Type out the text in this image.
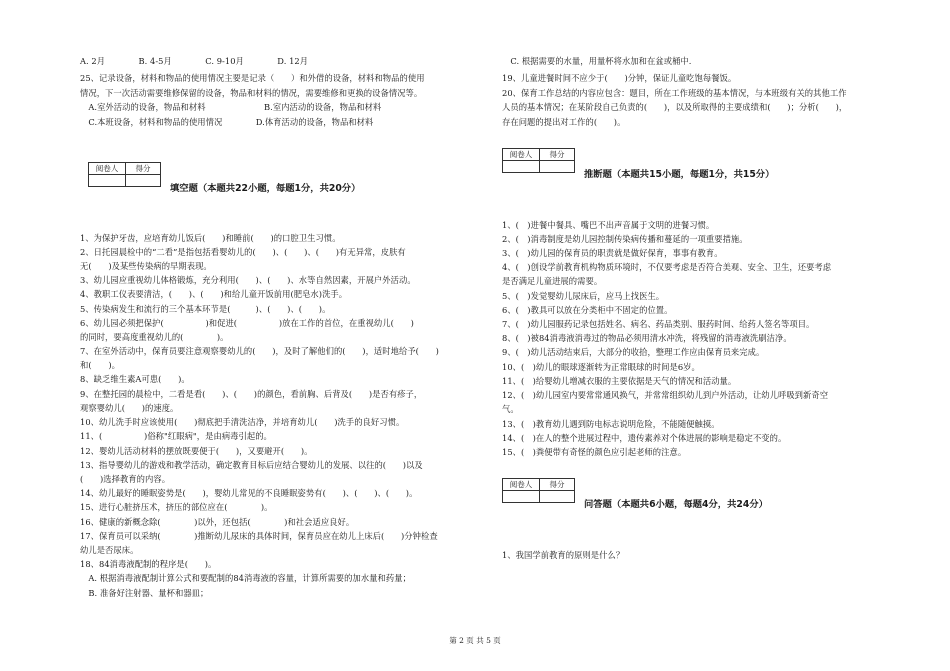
A. 2月　　　　B. 4-5月　　　　C. 9-10月　　　　D. 12月
25、记录设备，材料和物品的使用情况主要是记录（　　）和外借的设备，材料和物品的使用
情况，下一次活动需要维修保留的设备，物品和材料的情况，需要维修和更换的设备情况等。
　A.室外活动的设备，物品和材料　　　　　　　B.室内活动的设备，物品和材料
　C.本班设备，材料和物品的使用情况　　　　D.体育活动的设备，物品和材料
阅卷人	得分

填空题（本题共22小题，每题1分，共20分）
1、为保护牙齿，应培育幼儿饭后(　　)和睡前(　　)的口腔卫生习惯。
2、日托园晨检中的“二看”是指包括看婴幼儿的(　　)、(　　)、(　　)有无异常，皮肤有
无(　　)及某些传染病的早期表现。
3、幼儿园应重视幼儿体格锻炼，充分利用(　　)、(　　)、水等自然因素，开展户外活动。
4、教职工仪表要清洁，(　　)、(　　)和给儿童开饭前用(肥皂水)洗手。
5、传染病发生和流行的三个基本环节是(　　　)、(　　)、(　　)。
6、幼儿园必须把保护(　　　　　)和促进(　　　　　)放在工作的首位，在重视幼儿(　　)
的同时，要高度重视幼儿的(　　　　)。
7、在室外活动中，保育员要注意观察婴幼儿的(　　)，及时了解他们的(　　)，适时地给予(　　)
和(　　)。
8、缺乏维生素A可患(　　)。
9、在整托园的晨检中，二看是看(　　)、(　　)的颜色，看前胸、后背及(　　)是否有疹子，
观察婴幼儿(　　)的速度。
10、幼儿洗手时应该使用(　　)彻底把手清洗洁净，并培育幼儿(　　)洗手的良好习惯。
11、(　　　　　)俗称"红眼病"，是由病毒引起的。
12、婴幼儿活动材料的摆放既要便于(　　)，又要避开(　　)。
13、指导婴幼儿的游戏和教学活动，确定教育目标后应结合婴幼儿的发展、以往的(　　)以及
(　　)选择教育的内容。
14、幼儿最好的睡眠姿势是(　　)，婴幼儿常见的不良睡眠姿势有(　　)、(　　)、(　　)。
15、进行心脏挤压术，挤压的部位应在(　　　　)。
16、健康的新概念除(　　　　)以外，还包括(　　　　)和社会适应良好。
17、保育员可以采纳(　　　　)推断幼儿尿床的具体时间，保育员应在幼儿上床后(　　)分钟检查
幼儿是否尿床。
18、84消毒液配制的程序是(　　)。
　A. 根据消毒液配制计算公式和要配制的84消毒液的容量，计算所需要的加水量和药量；
　B. 准备好注射器、量杯和器皿；
　C. 根据需要的水量，用量杯将水加和在盆或桶中.
19、儿童进餐时间不应少于(　　)分钟，保证儿童吃饱每餐饭。
20、保育工作总结的内容应包含：题目，所在工作班级的基本情况，与本班级有关的其他工作
人员的基本情况；在某阶段自己负责的(　　)，以及所取得的主要成绩和(　　)；分析(　　)，
存在问题的提出对工作的(　　)。
阅卷人	得分

推断题（本题共15小题，每题1分，共15分）
1、(　)进餐中餐具、嘴巴不出声音属于文明的进餐习惯。
2、(　)消毒制度是幼儿园控制传染病传播和蔓延的一项重要措施。
3、(　)幼儿园的保育员的职责就是做好保育，事事有教育。
4、(　)创设学前教育机构物质环境时，不仅要考虑是否符合美观、安全、卫生，还要考虑
是否满足儿童进展的需要。
5、(　)发觉婴幼儿尿床后，应马上找医生。
6、(　)教具可以放在分类柜中不固定的位置。
7、(　)幼儿园服药记录包括姓名、病名、药品类别、服药时间、给药人签名等项目。
8、(　)被84消毒液消毒过的物品必须用清水冲洗，将残留的消毒液洗刷洁净。
9、(　)幼儿活动结束后，大部分的收拾，整理工作应由保育员来完成。
10、(　)幼儿的眼球逐渐转为正常眼球的时间是6岁。
11、(　)给婴幼儿增减衣服的主要依据是天气的情况和活动量。
12、(　)幼儿园室内要常常通风换气，并常常组织幼儿到户外活动，让幼儿呼吸到新奇空
气。
13、(　)教育幼儿遇到防电标志说明危险，不能随便触摸。
14、(　)在人的整个进展过程中，遗传素养对个体进展的影响是稳定不变的。
15、(　)粪便带有奇怪的颜色应引起老师的注意。
阅卷人	得分

问答题（本题共6小题，每题4分，共24分）
1、我国学前教育的原则是什么？
第 2 页 共 5 页
